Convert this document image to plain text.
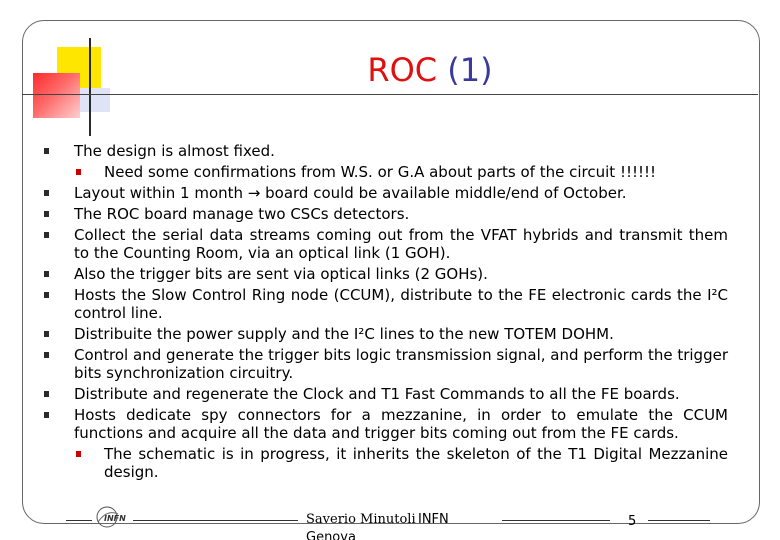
ROC (1)
The design is almost fixed.
Need some confirmations from W.S. or G.A about parts of the circuit !!!!!!
Layout within 1 month → board could be available middle/end of October.
The ROC board manage two CSCs detectors.
Collect the serial data streams coming out from the VFAT hybrids and transmit them to the Counting Room, via an optical link (1 GOH).
Also the trigger bits are sent via optical links (2 GOHs).
Hosts the Slow Control Ring node (CCUM), distribute to the FE electronic cards the I²C control line.
Distribuite the power supply and the I²C lines to the new TOTEM DOHM.
Control and generate the trigger bits logic transmission signal, and perform the trigger bits synchronization circuitry.
Distribute and regenerate the Clock and T1 Fast Commands to all the FE boards.
Hosts dedicate spy connectors for a mezzanine, in order to emulate the CCUM functions and acquire all the data and trigger bits coming out from the FE cards.
The schematic is in progress, it inherits the skeleton of the T1 Digital Mezzanine design.
INFN	Saverio Minutoli INFN
Genova
5
